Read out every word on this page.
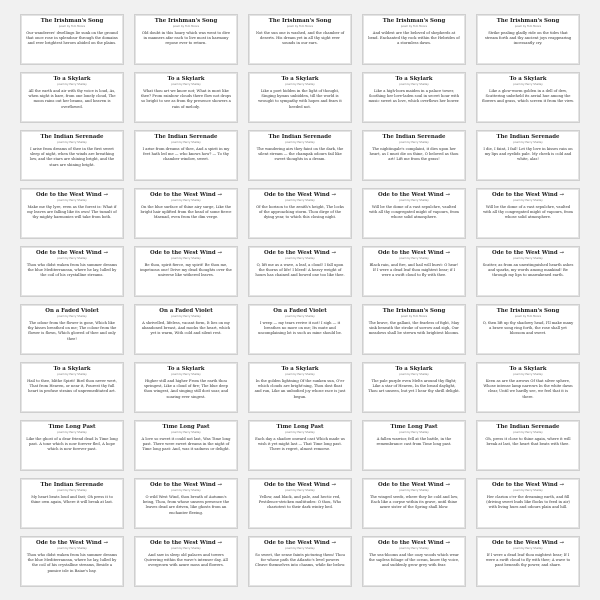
The Irishman's Song
poem by Tom Moore
Our wanderers' dwellings lie sunk on the ground that once rose in splendour through the domains and ever brightest heroes abided on the plains.
The Irishman's Song
poem by Tom Moore
Old doubt in this hoary which was went to dive in manners afar each to live most in harmony repose ever to return.
The Irishman's Song
poem by Tom Moore
Not the sun one is washed, and the chamber of deserts. His dream yet in all thy sight ever sounds in our ears.
The Irishman's Song
poem by Tom Moore
And wildest are the beloved of shepherds at bend. Enchanted thy rock within the Hebrides of a stormless dawn.
The Irishman's Song
poem by Tom Moore
Strike pealing gladly ride on the tides that stream forth and thy ancient joys reappearing incessantly cry.
To a Skylark
poem by Percy Shelley
All the earth and air with thy voice is loud, As, when night is bare, from one lonely cloud, The moon rains out her beams, and heaven is overflowed.
To a Skylark
poem by Percy Shelley
What thou art we know not; What is most like thee? From rainbow clouds there flow not drops so bright to see as from thy presence showers a rain of melody.
To a Skylark
poem by Percy Shelley
Like a poet hidden in the light of thought, Singing hymns unbidden, till the world is wrought to sympathy with hopes and fears it heeded not.
To a Skylark
poem by Percy Shelley
Like a high-born maiden in a palace tower, Soothing her love-laden soul in secret hour with music sweet as love, which overflows her bower.
To a Skylark
poem by Percy Shelley
Like a glow-worm golden in a dell of dew, Scattering unbeheld its aerial hue among the flowers and grass, which screen it from the view.
The Indian Serenade
poem by Percy Shelley
I arise from dreams of thee in the first sweet sleep of night, when the winds are breathing low, and the stars are shining bright, and the stars are shining bright.
The Indian Serenade
poem by Percy Shelley
I arise from dreams of thee, And a spirit in my feet hath led me — who knows how? — To thy chamber window, sweet.
The Indian Serenade
poem by Percy Shelley
The wandering airs they faint on the dark, the silent stream — the champak odours fail like sweet thoughts in a dream.
The Indian Serenade
poem by Percy Shelley
The nightingale's complaint, it dies upon her heart, as I must die on thine, O beloved as thou art! Lift me from the grass!
The Indian Serenade
poem by Percy Shelley
I die, I faint, I fail! Let thy love in kisses rain on my lips and eyelids pale. My cheek is cold and white, alas!
Ode to the West Wind →
poem by Percy Shelley
Make me thy lyre, even as the forest is: What if my leaves are falling like its own! The tumult of thy mighty harmonies will take from both.
Ode to the West Wind →
poem by Percy Shelley
On the blue surface of thine airy surge, Like the bright hair uplifted from the head of some fierce Maenad, even from the dim verge.
Ode to the West Wind →
poem by Percy Shelley
Of the horizon to the zenith's height, The locks of the approaching storm. Thou dirge of the dying year, to which this closing night.
Ode to the West Wind →
poem by Percy Shelley
Will be the dome of a vast sepulchre, vaulted with all thy congregated might of vapours, from whose solid atmosphere.
Ode to the West Wind →
poem by Percy Shelley
Will be the dome of a vast sepulchre, vaulted with all thy congregated might of vapours, from whose solid atmosphere.
Ode to the West Wind →
poem by Percy Shelley
Thou who didst waken from his summer dreams the blue Mediterranean, where he lay, lulled by the coil of his crystalline streams.
Ode to the West Wind →
poem by Percy Shelley
Be thou, spirit fierce, my spirit! Be thou me, impetuous one! Drive my dead thoughts over the universe like withered leaves.
Ode to the West Wind →
poem by Percy Shelley
O, lift me as a wave, a leaf, a cloud! I fall upon the thorns of life! I bleed! A heavy weight of hours has chained and bowed one too like thee.
Ode to the West Wind →
poem by Percy Shelley
Black rain, and fire, and hail will burst: O hear! If I were a dead leaf thou mightest bear; if I were a swift cloud to fly with thee.
Ode to the West Wind →
poem by Percy Shelley
Scatter, as from an unextinguished hearth ashes and sparks, my words among mankind! Be through my lips to unawakened earth.
On a Faded Violet
poem by Percy Shelley
The odour from the flower is gone, Which like thy kisses breathed on me; The colour from the flower is flown, Which glowed of thee and only thee!
On a Faded Violet
poem by Percy Shelley
A shrivelled, lifeless, vacant form, It lies on my abandoned breast, And mocks the heart, which yet is warm, With cold and silent rest.
On a Faded Violet
poem by Percy Shelley
I weep — my tears revive it not! I sigh — it breathes no more on me; Its mute and uncomplaining lot is such as mine should be.
The Irishman's Song
poem by Tom Moore
The brave, the gallant, the fearless of fight, May sink beneath the stroke of sorrow and sigh, Our meadows shall be strewn with brightest blooms.
The Irishman's Song
poem by Tom Moore
O, then lift up thy shadowy head, I'll make many a brave song ring forth, the rose shall yet blossom and sweet.
To a Skylark
poem by Percy Shelley
Hail to thee, blithe Spirit! Bird thou never wert, That from Heaven, or near it, Pourest thy full heart in profuse strains of unpremeditated art.
To a Skylark
poem by Percy Shelley
Higher still and higher From the earth thou springest, Like a cloud of fire; The blue deep thou wingest, And singing still dost soar, and soaring ever singest.
To a Skylark
poem by Percy Shelley
In the golden lightning Of the sunken sun, O'er which clouds are bright'ning, Thou dost float and run, Like an unbodied joy whose race is just begun.
To a Skylark
poem by Percy Shelley
The pale purple even Melts around thy flight; Like a star of Heaven, In the broad daylight, Thou art unseen, but yet I hear thy shrill delight.
To a Skylark
poem by Percy Shelley
Keen as are the arrows Of that silver sphere, Whose intense lamp narrows In the white dawn clear, Until we hardly see, we feel that it is there.
Time Long Past
poem by Percy Shelley
Like the ghost of a dear friend dead Is Time long past. A tone which is now forever fled, A hope which is now forever past.
Time Long Past
poem by Percy Shelley
A love so sweet it could not last, Was Time long past. There were sweet dreams in the night of Time long past: And, was it sadness or delight.
Time Long Past
poem by Percy Shelley
Each day a shadow onward cast Which made us wish it yet might last — That Time long past. There is regret, almost remorse.
Time Long Past
poem by Percy Shelley
A fallen warrior, fell at the battle, in the remembrance cast from Time long past.
The Indian Serenade
poem by Percy Shelley
Oh, press it close to thine again, where it will break at last, the heart that beats with thee.
The Indian Serenade
poem by Percy Shelley
My heart beats loud and fast; Oh press it to thine own again, Where it will break at last.
Ode to the West Wind →
poem by Percy Shelley
O wild West Wind, thou breath of Autumn's being, Thou, from whose unseen presence the leaves dead are driven, like ghosts from an enchanter fleeing.
Ode to the West Wind →
poem by Percy Shelley
Yellow, and black, and pale, and hectic red, Pestilence-stricken multitudes: O thou, Who chariotest to their dark wintry bed.
Ode to the West Wind →
poem by Percy Shelley
The winged seeds, where they lie cold and low, Each like a corpse within its grave, until thine azure sister of the Spring shall blow.
Ode to the West Wind →
poem by Percy Shelley
Her clarion o'er the dreaming earth, and fill (driving sweet buds like flocks to feed in air) with living hues and odours plain and hill.
Ode to the West Wind →
poem by Percy Shelley
Thou who didst waken from his summer dreams the blue Mediterranean, where he lay, lulled by the coil of his crystalline streams, Beside a pumice isle in Baiae's bay.
Ode to the West Wind →
poem by Percy Shelley
And saw in sleep old palaces and towers Quivering within the wave's intenser day, All overgrown with azure moss and flowers.
Ode to the West Wind →
poem by Percy Shelley
So sweet, the sense faints picturing them! Thou for whose path the Atlantic's level powers Cleave themselves into chasms, while far below.
Ode to the West Wind →
poem by Percy Shelley
The sea-blooms and the oozy woods which wear the sapless foliage of the ocean, know thy voice, and suddenly grow grey with fear.
Ode to the West Wind →
poem by Percy Shelley
If I were a dead leaf thou mightest bear; If I were a swift cloud to fly with thee; A wave to pant beneath thy power, and share.
